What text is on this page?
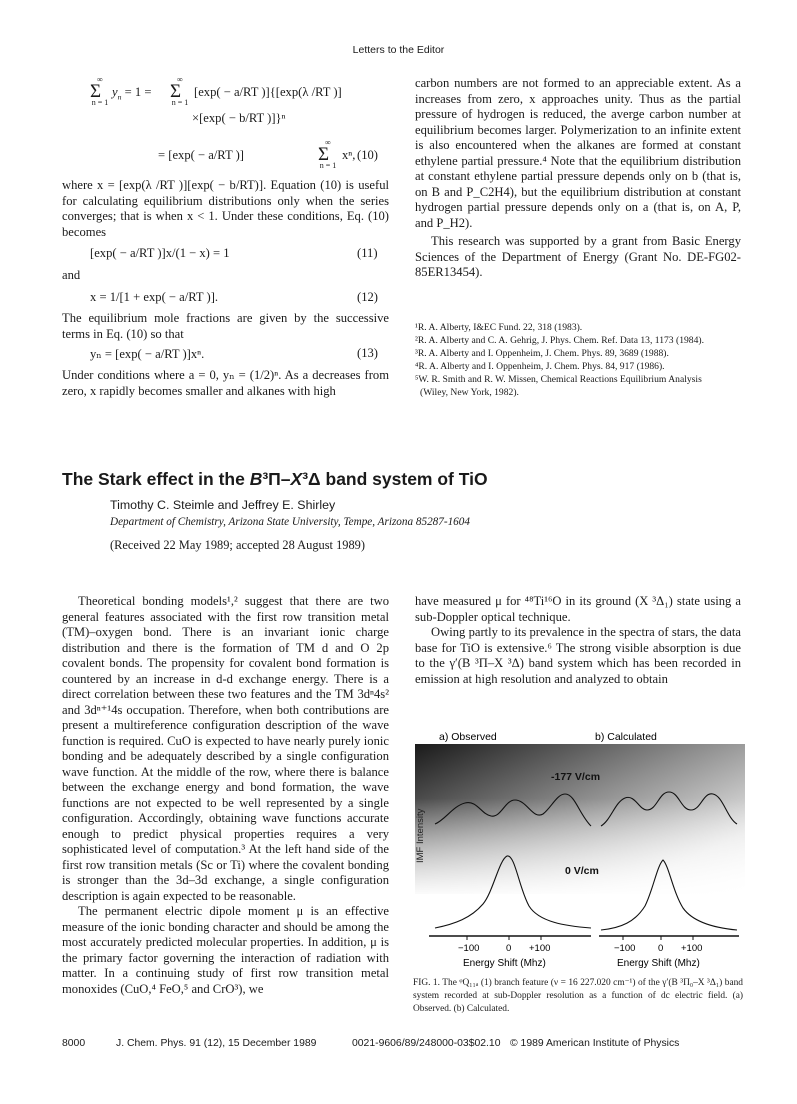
Letters to the Editor
∞
Σ
n = 1
$y_n = 1$ =
∞
Σ
n = 1
[exp( − a/RT )]{[exp(λ /RT )]
×[exp( − b/RT )]}ⁿ
= [exp( − a/RT )]
∞
Σ
n = 1
xⁿ, (10)
where x = [exp(λ /RT )][exp( − b/RT)]. Equation (10) is useful for calculating equilibrium distributions only when the series converges; that is when x < 1. Under these conditions, Eq. (10) becomes
[exp( − a/RT )]x/(1 − x) = 1	(11)
and
x = 1/[1 + exp( − a/RT )].	(12)
The equilibrium mole fractions are given by the successive terms in Eq. (10) so that
yₙ = [exp( − a/RT )]xⁿ.	(13)
Under conditions where a = 0, yₙ = (1/2)ⁿ. As a decreases from zero, x rapidly becomes smaller and alkanes with high
carbon numbers are not formed to an appreciable extent. As a increases from zero, x approaches unity. Thus as the partial pressure of hydrogen is reduced, the averge carbon number at equilibrium becomes larger. Polymerization to an infinite extent is also encountered when the alkanes are formed at constant ethylene partial pressure.⁴ Note that the equilibrium distribution at constant ethylene partial pressure depends only on b (that is, on B and P_C2H4), but the equilibrium distribution at constant hydrogen partial pressure depends only on a (that is, on A, P, and P_H2).
This research was supported by a grant from Basic Energy Sciences of the Department of Energy (Grant No. DE-FG02-85ER13454).

¹R. A. Alberty, I&EC Fund. 22, 318 (1983).

²R. A. Alberty and C. A. Gehrig, J. Phys. Chem. Ref. Data 13, 1173 (1984).

³R. A. Alberty and I. Oppenheim, J. Chem. Phys. 89, 3689 (1988).

⁴R. A. Alberty and I. Oppenheim, J. Chem. Phys. 84, 917 (1986).

⁵W. R. Smith and R. W. Missen, Chemical Reactions Equilibrium Analysis

(Wiley, New York, 1982).

The Stark effect in the B³Π–X³Δ band system of TiO
Timothy C. Steimle and Jeffrey E. Shirley
Department of Chemistry, Arizona State University, Tempe, Arizona 85287-1604
(Received 22 May 1989; accepted 28 August 1989)

Theoretical bonding models¹,² suggest that there are two general features associated with the first row transition metal (TM)–oxygen bond. There is an invariant ionic charge distribution and there is the formation of TM d and O 2p covalent bonds. The propensity for covalent bond formation is countered by an increase in d-d exchange energy. There is a direct correlation between these two features and the TM 3dⁿ4s² and 3dⁿ⁺¹4s occupation. Therefore, when both contributions are present a multireference configuration description of the wave function is required. CuO is expected to have nearly purely ionic bonding and be adequately described by a single configuration wave function. At the middle of the row, where there is balance between the exchange energy and bond formation, the wave functions are not expected to be well represented by a single configuration. Accordingly, obtaining wave functions accurate enough to predict physical properties requires a very sophisticated level of computation.³ At the left hand side of the first row transition metals (Sc or Ti) where the covalent bonding is stronger than the 3d–3d exchange, a single configuration description is again expected to be reasonable.

The permanent electric dipole moment μ is an effective measure of the ionic bonding character and should be among the most accurately predicted molecular properties. In addition, μ is the primary factor governing the interaction of radiation with matter. In a continuing study of first row transition metal monoxides (CuO,⁴ FeO,⁵ and CrO³), we

have measured μ for ⁴⁸Ti¹⁶O in its ground (X ³Δ₁) state using a sub-Doppler optical technique.

Owing partly to its prevalence in the spectra of stars, the data base for TiO is extensive.⁶ The strong visible absorption is due to the γ′(B ³Π–X ³Δ) band system which has been recorded in emission at high resolution and analyzed to obtain

a) Observed	b) Calculated
IMF Intensity
-177 V/cm
0 V/cm
−100	0 +100	−100 0 +100
Energy Shift (Mhz)	Energy Shift (Mhz)
FIG. 1. The ᵠQ₁₁ₐ (1) branch feature (ν = 16 227.020 cm⁻¹) of the γ′(B ³Π₀–X ³Δ₁) band system recorded at sub-Doppler resolution as a function of dc electric field. (a) Observed. (b) Calculated.
8000	J. Chem. Phys. 91 (12), 15 December 1989	0021-9606/89/248000-03$02.10 © 1989 American Institute of Physics
